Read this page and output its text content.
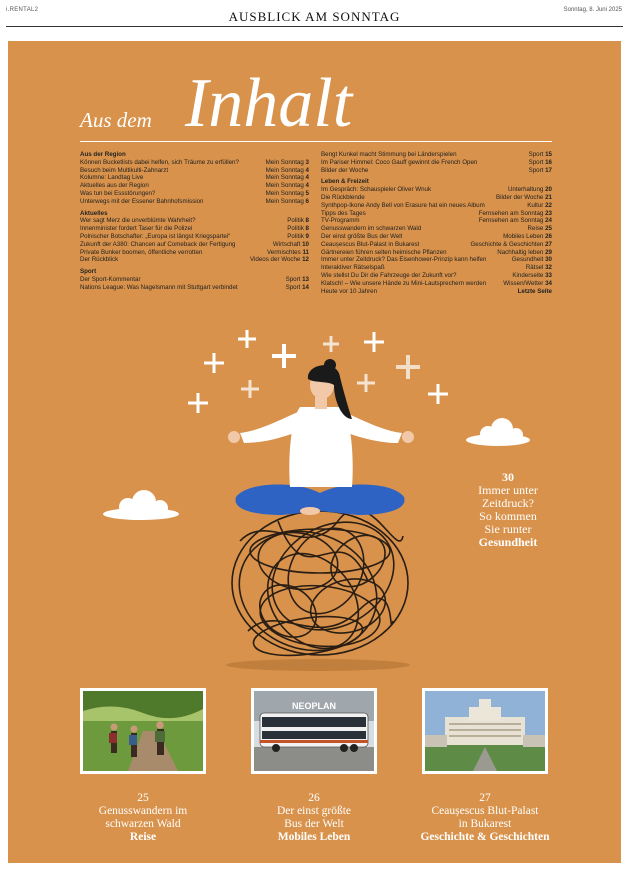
i.RENTAL2	AUSBLICK AM SONNTAG	Sonntag, 8. Juni 2025
Aus dem Inhalt
Aus der Region
Können Bucketlists dabei helfen, sich Träume zu erfüllen?	Mein Sonntag 3
Besuch beim Multikulti-Zahnarzt	Mein Sonntag 4
Kolumne: Landtag Live	Mein Sonntag 4
Aktuelles aus der Region	Mein Sonntag 4
Was tun bei Essstörungen?	Mein Sonntag 5
Unterwegs mit der Essener Bahnhofsmission	Mein Sonntag 6
Aktuelles
Wer sagt Merz die unverblümte Wahrheit?	Politik 8
Innenminister fordert Taser für die Polizei	Politik 8
Polnischer Botschafter: „Europa ist längst Kriegspartei“	Politik 9
Zukunft der A380: Chancen auf Comeback der Fertigung	Wirtschaft 10
Private Bunker boomen, öffentliche verrotten	Vermischtes 11
Der Rückblick	Videos der Woche 12
Sport
Der Sport-Kommentar	Sport 13
Nations League: Was Nagelsmann mit Stuttgart verbindet	Sport 14
Bengt Kunkel macht Stimmung bei Länderspielen	Sport 15
Im Pariser Himmel: Coco Gauff gewinnt die French Open	Sport 16
Bilder der Woche	Sport 17
Leben & Freizeit
Im Gespräch: Schauspieler Oliver Wnuk	Unterhaltung 20
Die Rückblende	Bilder der Woche 21
Synthpop-Ikone Andy Bell von Erasure hat ein neues Album	Kultur 22
Tipps des Tages	Fernsehen am Sonntag 23
TV-Programm	Fernsehen am Sonntag 24
Genusswandern im schwarzen Wald	Reise 25
Der einst größte Bus der Welt	Mobiles Leben 26
Ceaușescus Blut-Palast in Bukarest	Geschichte & Geschichten 27
Gärtnereien führen selten heimische Pflanzen	Nachhaltig leben 29
Immer unter Zeitdruck? Das Eisenhower-Prinzip kann helfen	Gesundheit 30
Interaktiver Rätselspaß	Rätsel 32
Wie stellst Du Dir die Fahrzeuge der Zukunft vor?	Kinderseite 33
Klatsch! – Wie unsere Hände zu Mini-Lautsprechern werden	Wissen/Wetter 34
Heute vor 10 Jahren	Letzte Seite
30
Immer unter
Zeitdruck?
So kommen
Sie runter
Gesundheit
NEOPLAN
25
Genusswandern im
schwarzen Wald
Reise
26
Der einst größte
Bus der Welt
Mobiles Leben
27
Ceaușescus Blut-Palast
in Bukarest
Geschichte & Geschichten
